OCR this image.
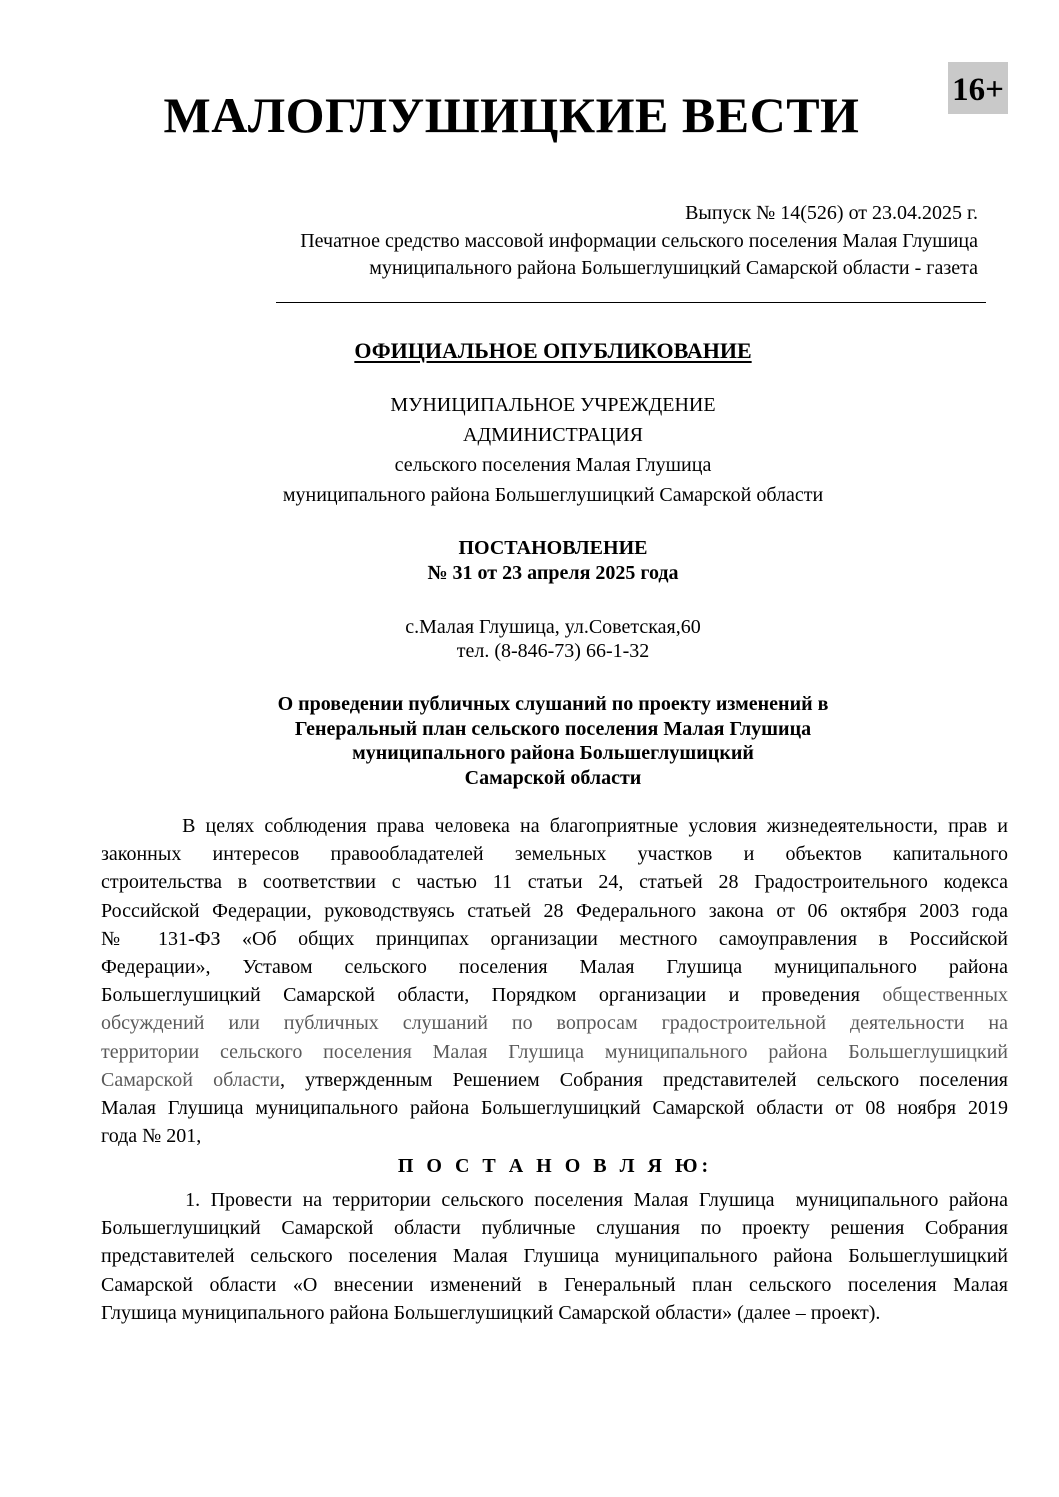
МАЛОГЛУШИЦКИЕ ВЕСТИ	16+
Выпуск № 14(526) от 23.04.2025 г.
Печатное средство массовой информации сельского поселения Малая Глушица
муниципального района Большеглушицкий Самарской области - газета
ОФИЦИАЛЬНОЕ ОПУБЛИКОВАНИЕ
МУНИЦИПАЛЬНОЕ УЧРЕЖДЕНИЕ
АДМИНИСТРАЦИЯ
сельского поселения Малая Глушица
муниципального района Большеглушицкий Самарской области
ПОСТАНОВЛЕНИЕ
№ 31 от 23 апреля 2025 года
с.Малая Глушица, ул.Советская,60
тел. (8-846-73) 66-1-32
О проведении публичных слушаний по проекту изменений в
Генеральный план сельского поселения Малая Глушица
муниципального района Большеглушицкий
Самарской области
В целях соблюдения права человека на благоприятные условия жизнедеятельности, прав и
законных интересов правообладателей земельных участков и объектов капитального
строительства в соответствии с частью 11 статьи 24, статьей 28 Градостроительного кодекса
Российской Федерации, руководствуясь статьей 28 Федерального закона от 06 октября 2003 года
№ 131-ФЗ «Об общих принципах организации местного самоуправления в Российской
Федерации», Уставом сельского поселения Малая Глушица муниципального района
Большеглушицкий Самарской области, Порядком организации и проведения общественных
обсуждений или публичных слушаний по вопросам градостроительной деятельности на
территории сельского поселения Малая Глушица муниципального района Большеглушицкий
Самарской области, утвержденным Решением Собрания представителей сельского поселения
Малая Глушица муниципального района Большеглушицкий Самарской области от 08 ноября 2019
года № 201,
П О С Т А Н О В Л Я Ю:
1. Провести на территории сельского поселения Малая Глушица  муниципального района
Большеглушицкий Самарской области публичные слушания по проекту решения Собрания
представителей сельского поселения Малая Глушица муниципального района Большеглушицкий
Самарской области «О внесении изменений в Генеральный план сельского поселения Малая
Глушица муниципального района Большеглушицкий Самарской области» (далее – проект).
